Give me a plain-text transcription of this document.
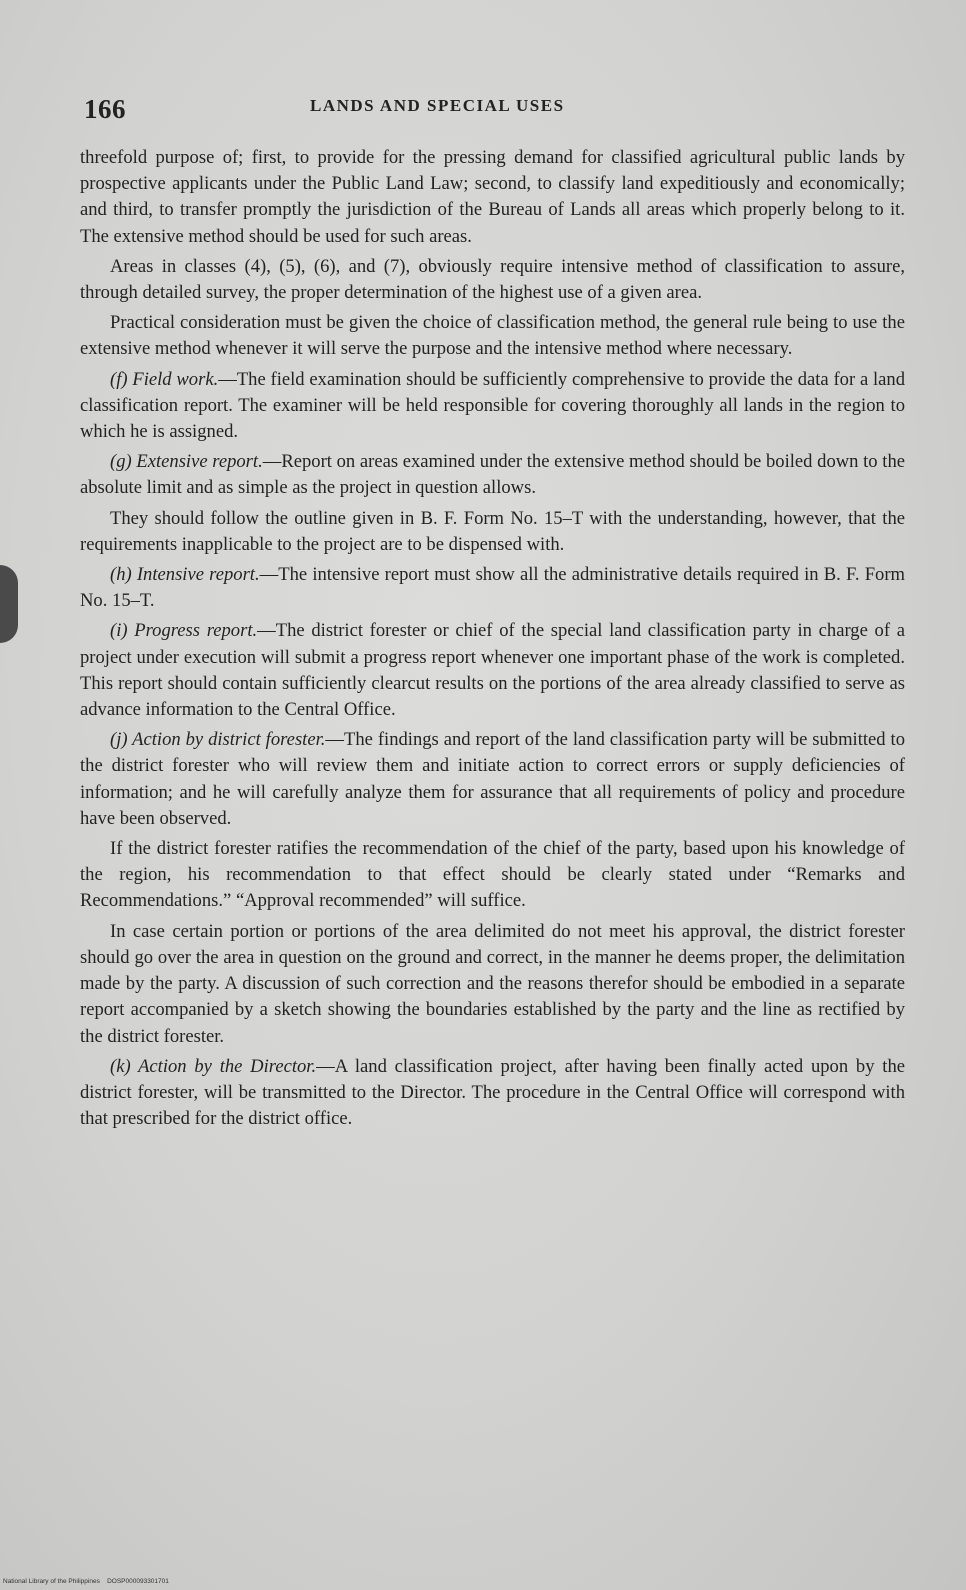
166	LANDS AND SPECIAL USES

threefold purpose of; first, to provide for the pressing demand for classified agricultural public lands by prospective applicants under the Public Land Law; second, to classify land expeditiously and economically; and third, to transfer promptly the jurisdiction of the Bureau of Lands all areas which properly belong to it. The extensive method should be used for such areas.

Areas in classes (4), (5), (6), and (7), obviously require intensive method of classification to assure, through detailed survey, the proper determination of the highest use of a given area.

Practical consideration must be given the choice of classification method, the general rule being to use the extensive method whenever it will serve the purpose and the intensive method where necessary.

(f) Field work.—The field examination should be sufficiently comprehensive to provide the data for a land classification report. The examiner will be held responsible for covering thoroughly all lands in the region to which he is assigned.

(g) Extensive report.—Report on areas examined under the extensive method should be boiled down to the absolute limit and as simple as the project in question allows.

They should follow the outline given in B. F. Form No. 15–T with the understanding, however, that the requirements inapplicable to the project are to be dispensed with.

(h) Intensive report.—The intensive report must show all the administrative details required in B. F. Form No. 15–T.

(i) Progress report.—The district forester or chief of the special land classification party in charge of a project under execution will submit a progress report whenever one important phase of the work is completed. This report should contain sufficiently clearcut results on the portions of the area already classified to serve as advance information to the Central Office.

(j) Action by district forester.—The findings and report of the land classification party will be submitted to the district forester who will review them and initiate action to correct errors or supply deficiencies of information; and he will carefully analyze them for assurance that all requirements of policy and procedure have been observed.

If the district forester ratifies the recommendation of the chief of the party, based upon his knowledge of the region, his recommendation to that effect should be clearly stated under “Remarks and Recommendations.” “Approval recommended” will suffice.

In case certain portion or portions of the area delimited do not meet his approval, the district forester should go over the area in question on the ground and correct, in the manner he deems proper, the delimitation made by the party. A discussion of such correction and the reasons therefor should be embodied in a separate report accompanied by a sketch showing the boundaries established by the party and the line as rectified by the district forester.

(k) Action by the Director.—A land classification project, after having been finally acted upon by the district forester, will be transmitted to the Director. The procedure in the Central Office will correspond with that prescribed for the district office.

National Library of the Philippines DOSP000093301701
